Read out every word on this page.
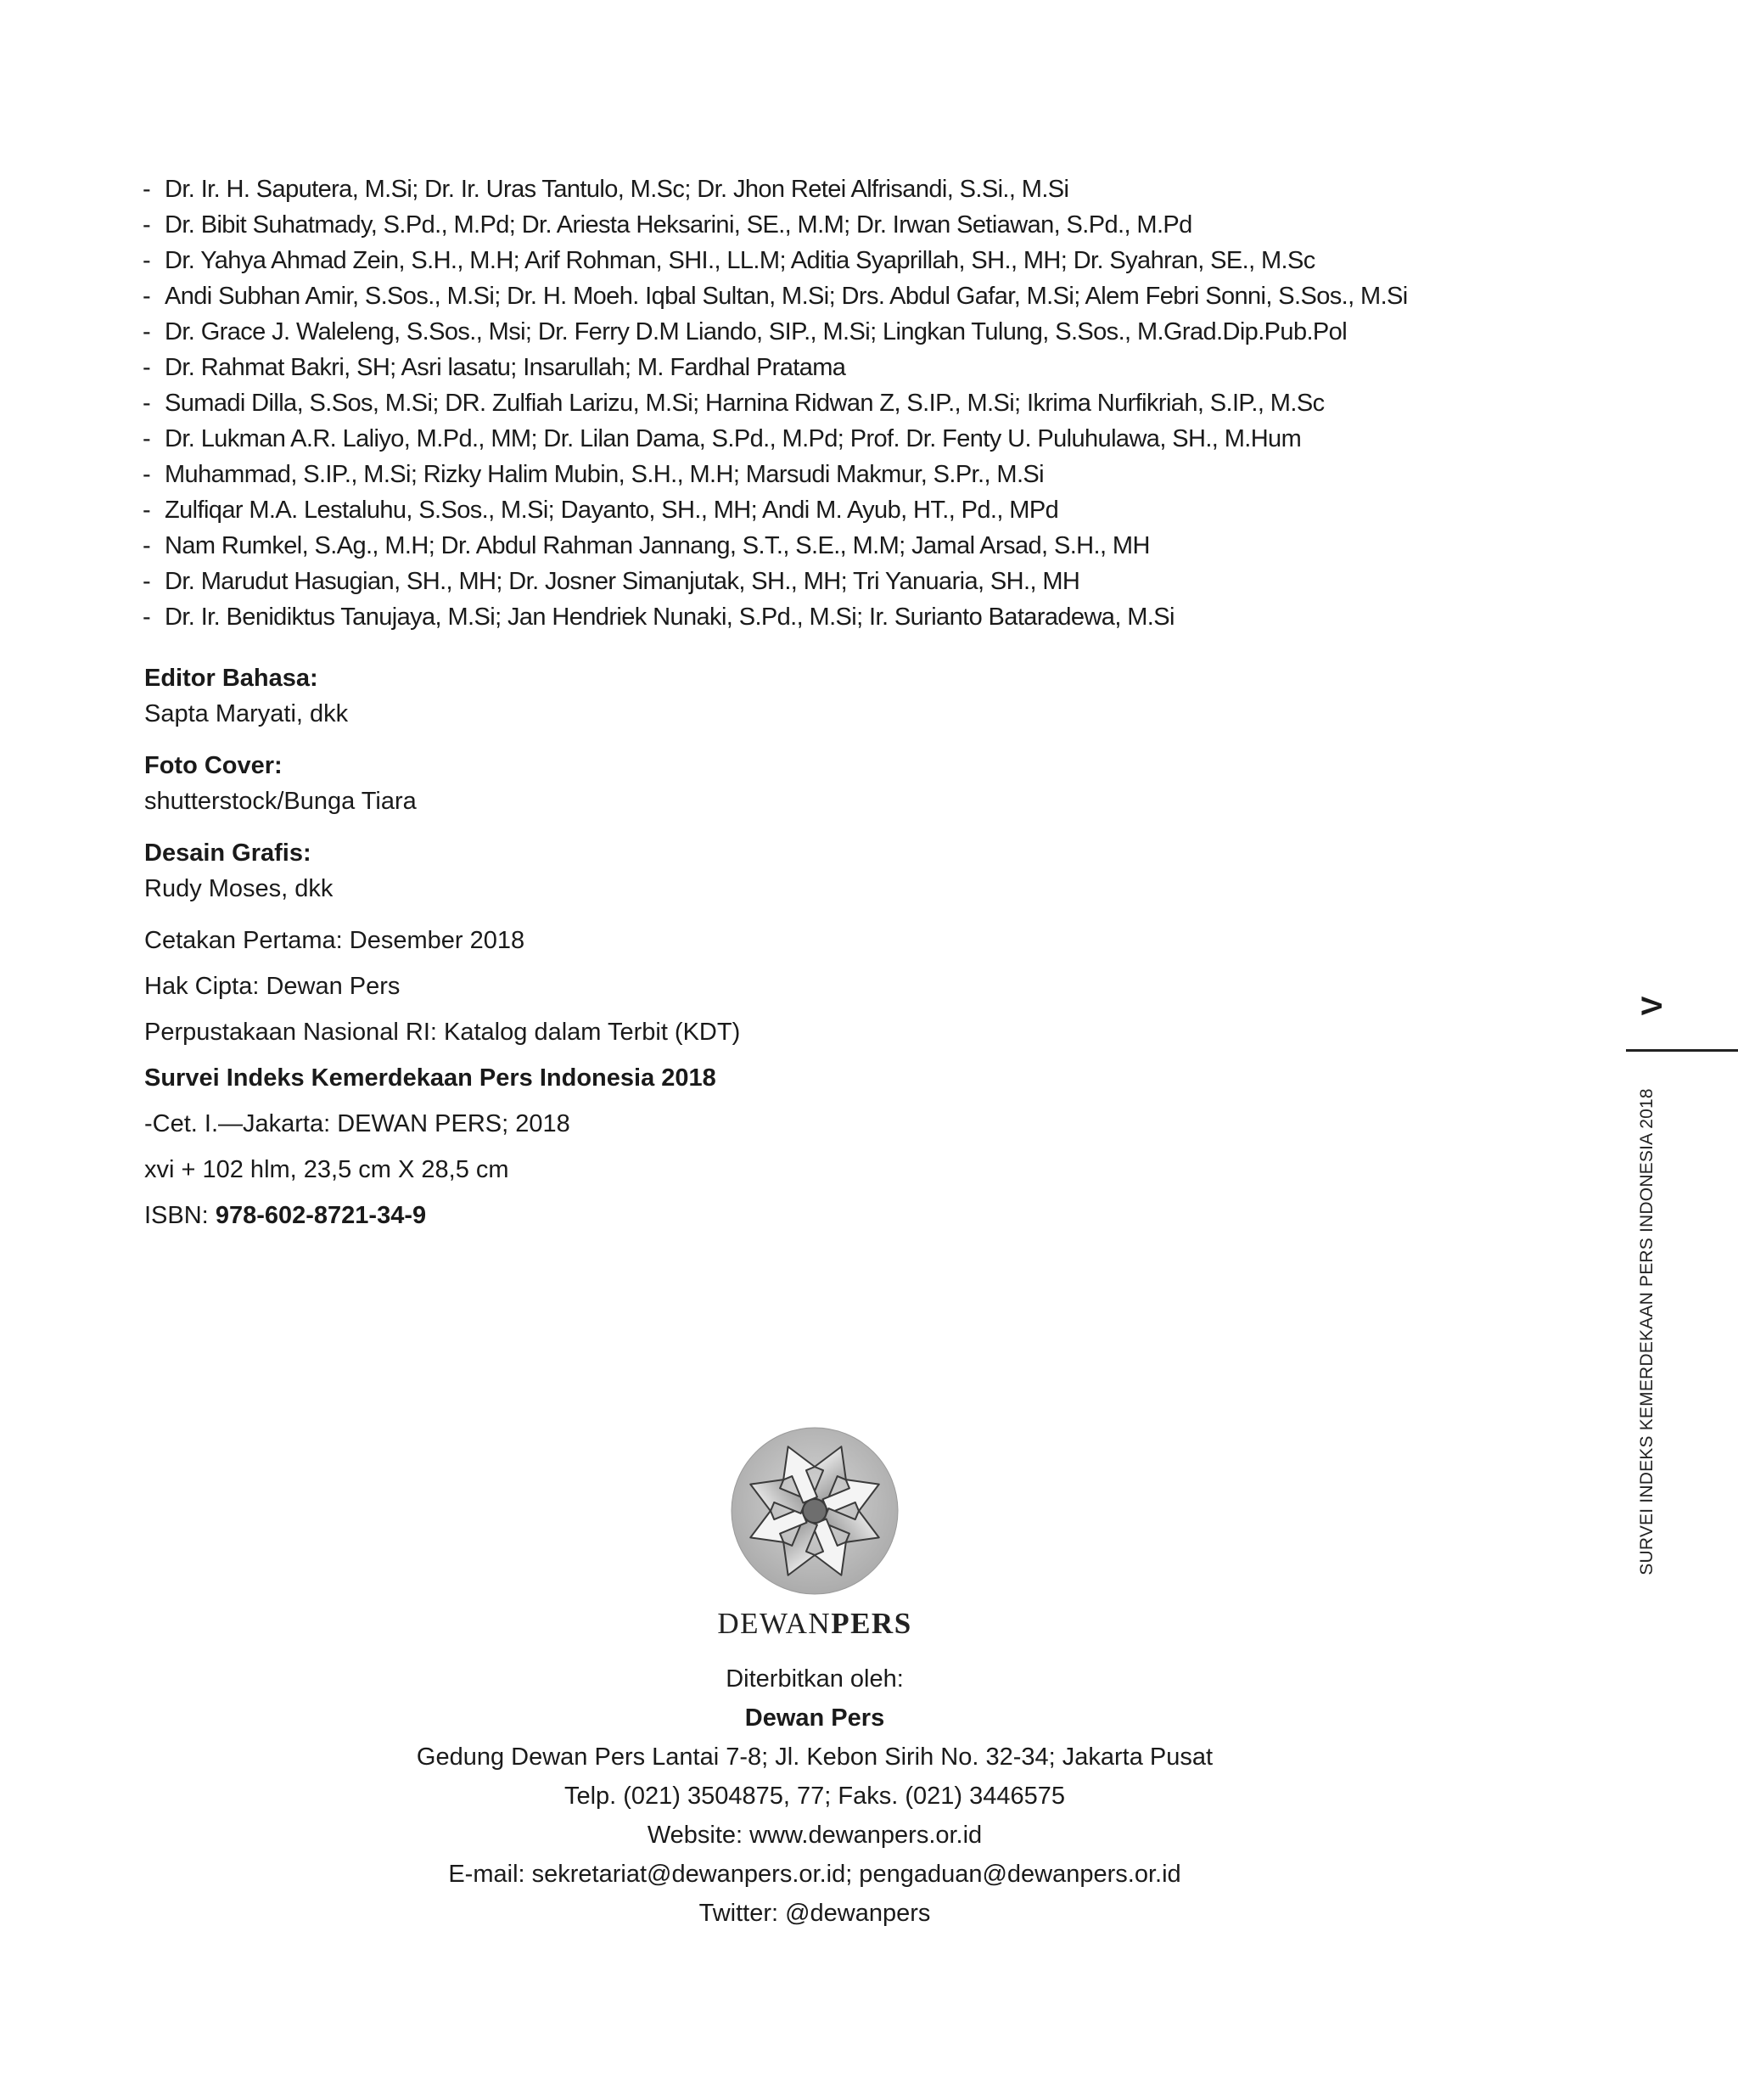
- Dr. Ir. H. Saputera, M.Si; Dr. Ir. Uras Tantulo, M.Sc; Dr. Jhon Retei Alfrisandi, S.Si., M.Si
- Dr. Bibit Suhatmady, S.Pd., M.Pd; Dr. Ariesta Heksarini, SE., M.M; Dr. Irwan Setiawan, S.Pd., M.Pd
- Dr. Yahya Ahmad Zein, S.H., M.H; Arif Rohman, SHI., LL.M; Aditia Syaprillah, SH., MH; Dr. Syahran, SE., M.Sc
- Andi Subhan Amir, S.Sos., M.Si; Dr. H. Moeh. Iqbal Sultan, M.Si; Drs. Abdul Gafar, M.Si; Alem Febri Sonni, S.Sos., M.Si
- Dr. Grace J. Waleleng, S.Sos., Msi; Dr. Ferry D.M Liando, SIP., M.Si; Lingkan Tulung, S.Sos., M.Grad.Dip.Pub.Pol
- Dr. Rahmat Bakri, SH; Asri lasatu; Insarullah; M. Fardhal Pratama
- Sumadi Dilla, S.Sos, M.Si; DR. Zulfiah Larizu, M.Si; Harnina Ridwan Z, S.IP., M.Si; Ikrima Nurfikriah, S.IP., M.Sc
- Dr. Lukman A.R. Laliyo, M.Pd., MM; Dr. Lilan Dama, S.Pd., M.Pd; Prof. Dr. Fenty U. Puluhulawa, SH., M.Hum
- Muhammad, S.IP., M.Si; Rizky Halim Mubin, S.H., M.H; Marsudi Makmur, S.Pr., M.Si
- Zulfiqar M.A. Lestaluhu, S.Sos., M.Si; Dayanto, SH., MH; Andi M. Ayub, HT., Pd., MPd
- Nam Rumkel, S.Ag., M.H; Dr. Abdul Rahman Jannang, S.T., S.E., M.M; Jamal Arsad, S.H., MH
- Dr. Marudut Hasugian, SH., MH; Dr. Josner Simanjutak, SH., MH; Tri Yanuaria, SH., MH
- Dr. Ir. Benidiktus Tanujaya, M.Si; Jan Hendriek Nunaki, S.Pd., M.Si; Ir. Surianto Bataradewa, M.Si
Editor Bahasa:
Sapta Maryati, dkk
Foto Cover:
shutterstock/Bunga Tiara
Desain Grafis:
Rudy Moses, dkk
Cetakan Pertama: Desember 2018
Hak Cipta: Dewan Pers
Perpustakaan Nasional RI: Katalog dalam Terbit (KDT)
Survei Indeks Kemerdekaan Pers Indonesia 2018
-Cet. I.—Jakarta: DEWAN PERS; 2018
xvi + 102 hlm, 23,5 cm X 28,5 cm
ISBN: 978-602-8721-34-9
V
SURVEI INDEKS KEMERDEKAAN PERS INDONESIA 2018
DEWANPERS
Diterbitkan oleh:
Dewan Pers
Gedung Dewan Pers Lantai 7-8; Jl. Kebon Sirih No. 32-34; Jakarta Pusat
Telp. (021) 3504875, 77; Faks. (021) 3446575
Website: www.dewanpers.or.id
E-mail: sekretariat@dewanpers.or.id; pengaduan@dewanpers.or.id
Twitter: @dewanpers
